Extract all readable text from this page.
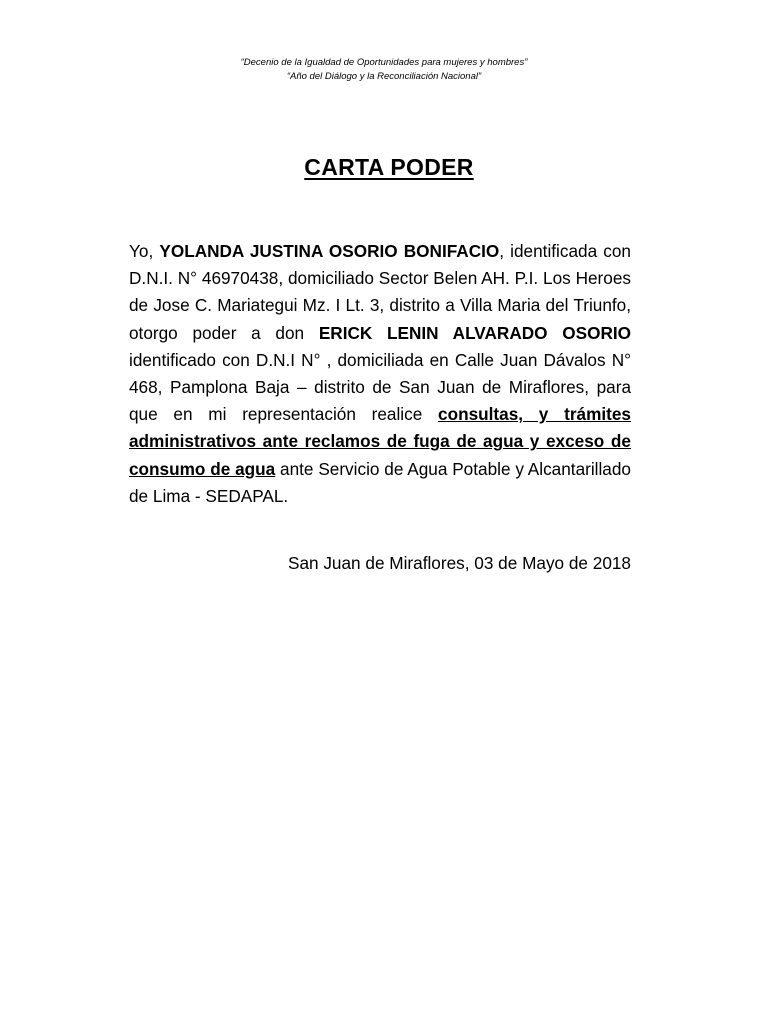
“Decenio de la Igualdad de Oportunidades para mujeres y hombres”
“Año del Diálogo y la Reconciliación Nacional”
CARTA PODER
Yo, YOLANDA JUSTINA OSORIO BONIFACIO, identificada con D.N.I. N° 46970438, domiciliado Sector Belen AH. P.I. Los Heroes de Jose C. Mariategui Mz. I Lt. 3, distrito a Villa Maria del Triunfo, otorgo poder a don ERICK LENIN ALVARADO OSORIO identificado con D.N.I N° , domiciliada en Calle Juan Dávalos N° 468, Pamplona Baja – distrito de San Juan de Miraflores, para que en mi representación realice consultas, y trámites administrativos ante reclamos de fuga de agua y exceso de consumo de agua ante Servicio de Agua Potable y Alcantarillado de Lima - SEDAPAL.
San Juan de Miraflores, 03 de Mayo de 2018
